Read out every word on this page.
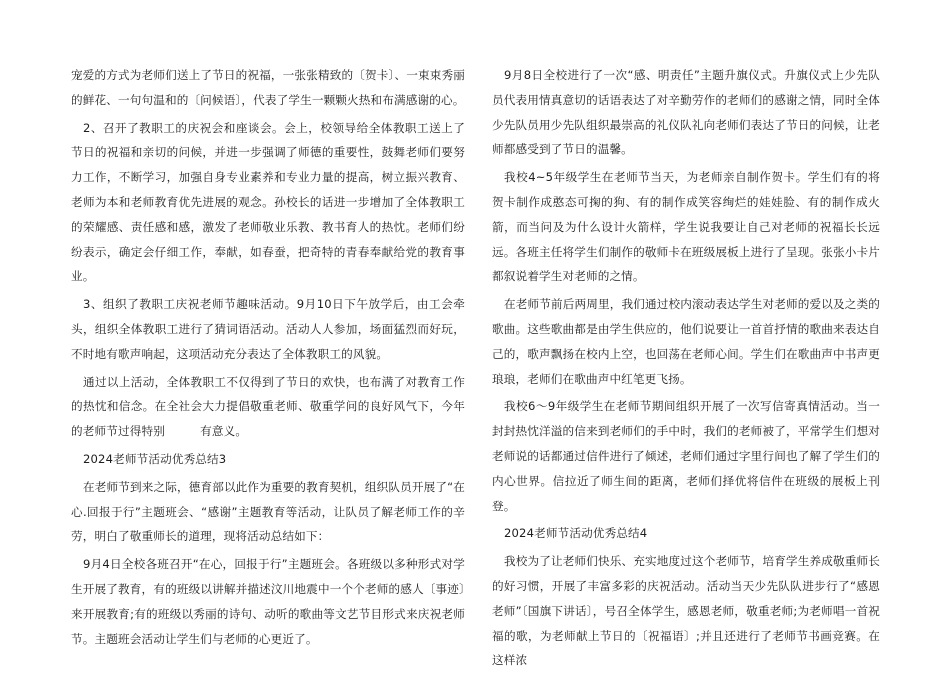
宠爱的方式为老师们送上了节日的祝福，一张张精致的〔贺卡〕、一束束秀丽的鲜花、一句句温和的〔问候语〕，代表了学生一颗颗火热和布满感谢的心。

2、召开了教职工的庆祝会和座谈会。会上，校领导给全体教职工送上了节日的祝福和亲切的问候，并进一步强调了师德的重要性，鼓舞老师们要努力工作，不断学习，加强自身专业素养和专业力量的提高，树立振兴教育、老师为本和老师教育优先进展的观念。孙校长的话进一步增加了全体教职工的荣耀感、责任感和感，激发了老师敬业乐教、教书育人的热忱。老师们纷纷表示，确定会仔细工作，奉献，如春蚕，把奇特的青春奉献给党的教育事业。

3、组织了教职工庆祝老师节趣味活动。9月10日下午放学后，由工会牵头，组织全体教职工进行了猜词语活动。活动人人参加，场面猛烈而好玩，不时地有歌声响起，这项活动充分表达了全体教职工的风貌。

通过以上活动，全体教职工不仅得到了节日的欢快，也布满了对教育工作的热忱和信念。在全社会大力提倡敬重老师、敬重学问的良好风气下，今年的老师节过得特别　　　有意义。

2024老师节活动优秀总结3

在老师节到来之际，德育部以此作为重要的教育契机，组织队员开展了“在心.回报于行”主题班会、“感谢”主题教育等活动，让队员了解老师工作的辛劳，明白了敬重师长的道理，现将活动总结如下：

9月4日全校各班召开“在心，回报于行”主题班会。各班级以多种形式对学生开展了教育，有的班级以讲解并描述汶川地震中一个个老师的感人〔事迹〕来开展教育;有的班级以秀丽的诗句、动听的歌曲等文艺节目形式来庆祝老师节。主题班会活动让学生们与老师的心更近了。

9月8日全校进行了一次“感、明责任”主题升旗仪式。升旗仪式上少先队员代表用情真意切的话语表达了对辛勤劳作的老师们的感谢之情，同时全体少先队员用少先队组织最崇高的礼仪队礼向老师们表达了节日的问候，让老师都感受到了节日的温馨。

我校4~5年级学生在老师节当天，为老师亲自制作贺卡。学生们有的将贺卡制作成憨态可掬的狗、有的制作成笑容绚烂的娃娃脸、有的制作成火箭，而当问及为什么设计火箭样，学生说我要让自己对老师的祝福长长远远。各班主任将学生们制作的敬师卡在班级展板上进行了呈现。张张小卡片都叙说着学生对老师的之情。

在老师节前后两周里，我们通过校内滚动表达学生对老师的爱以及之类的歌曲。这些歌曲都是由学生供应的，他们说要让一首首抒情的歌曲来表达自己的，歌声飘扬在校内上空，也回荡在老师心间。学生们在歌曲声中书声更琅琅，老师们在歌曲声中红笔更飞扬。

我校6～9年级学生在老师节期间组织开展了一次写信寄真情活动。当一封封热忱洋溢的信来到老师们的手中时，我们的老师被了，平常学生们想对老师说的话都通过信件进行了倾述，老师们通过字里行间也了解了学生们的内心世界。信拉近了师生间的距离，老师们择优将信件在班级的展板上刊登。

2024老师节活动优秀总结4

我校为了让老师们快乐、充实地度过这个老师节，培育学生养成敬重师长的好习惯，开展了丰富多彩的庆祝活动。活动当天少先队队进步行了“感恩老师”〔国旗下讲话〕，号召全体学生，感恩老师，敬重老师;为老师唱一首祝福的歌，为老师献上节日的〔祝福语〕;并且还进行了老师节书画竞赛。在这样浓
